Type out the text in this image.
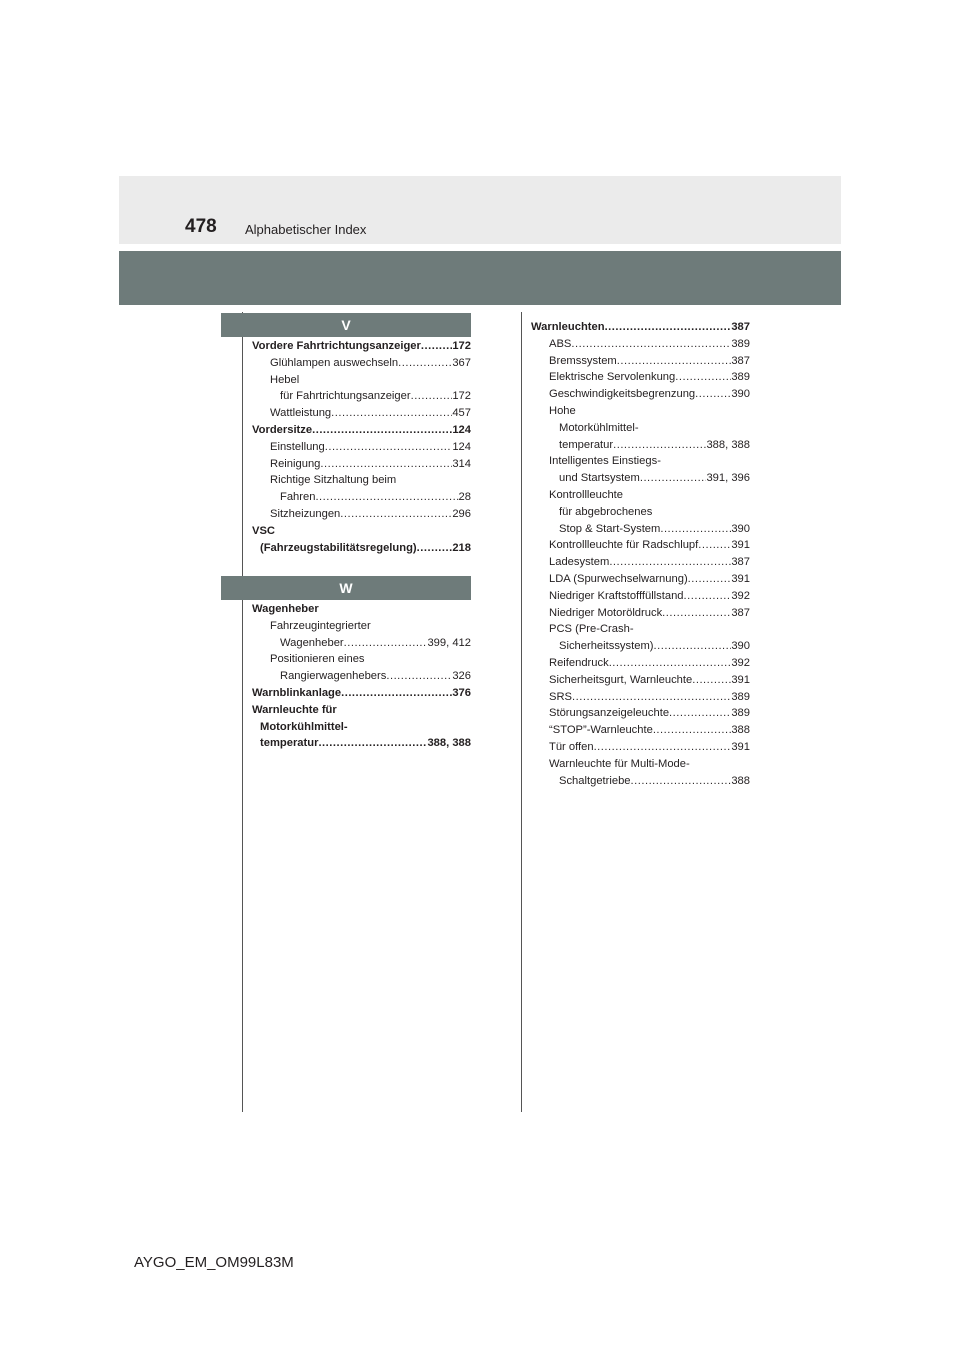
478 Alphabetischer Index
V
Vordere Fahrtrichtungsanzeiger .....	172
Glühlampen auswechseln .....	367
Hebel
für Fahrtrichtungsanzeiger .....	172
Wattleistung .....	457
Vordersitze .....	124
Einstellung .....	124
Reinigung .....	314
Richtige Sitzhaltung beim
Fahren .....	28
Sitzheizungen .....	296
VSC
(Fahrzeugstabilitätsregelung) .....	218
W
Wagenheber
Fahrzeugintegrierter
Wagenheber .....	399, 412
Positionieren eines
Rangierwagenhebers .....	326
Warnblinkanlage .....	376
Warnleuchte für
Motorkühlmittel-
temperatur .....	388, 388
Warnleuchten .....	387
ABS .....	389
Bremssystem .....	387
Elektrische Servolenkung .....	389
Geschwindigkeitsbegrenzung .....	390
Hohe
Motorkühlmittel-
temperatur .....	388, 388
Intelligentes Einstiegs-
und Startsystem .....	391, 396
Kontrollleuchte
für abgebrochenes
Stop & Start-System .....	390
Kontrollleuchte für Radschlupf .....	391
Ladesystem .....	387
LDA (Spurwechselwarnung) .....	391
Niedriger Kraftstofffüllstand .....	392
Niedriger Motoröldruck .....	387
PCS (Pre-Crash-
Sicherheitssystem) .....	390
Reifendruck .....	392
Sicherheitsgurt, Warnleuchte .....	391
SRS .....	389
Störungsanzeigeleuchte .....	389
“STOP”-Warnleuchte .....	388
Tür offen .....	391
Warnleuchte für Multi-Mode-
Schaltgetriebe .....	388
AYGO_EM_OM99L83M
